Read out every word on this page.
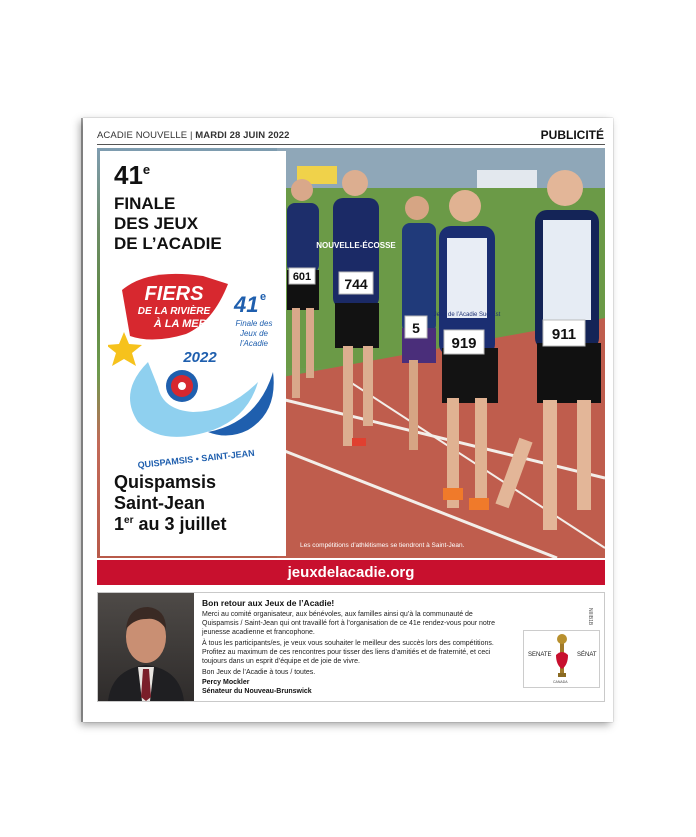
ACADIE NOUVELLE | MARDI 28 JUIN 2022	PUBLICITÉ
601 744
5
919
911
NOUVELLE-ÉCOSSE
Jeux de l’Acadie Sud-Est
Les compétitions d’athlétismes se tiendront à Saint-Jean.
41e
FINALE
DES JEUX
DE L’ACADIE
FIERS
DE LA RIVIÈRE
À LA MER!
41 e
Finale des
Jeux de
l’Acadie
2022
QUISPAMSIS • SAINT-JEAN
Quispamsis
Saint-Jean
1er au 3 juillet
jeuxdelacadie.org
Bon retour aux Jeux de l’Acadie!
Merci au comité organisateur, aux bénévoles, aux familles ainsi qu’à la communauté de
Quispamsis / Saint-Jean qui ont travaillé fort à l’organisation de ce 41e rendez-vous pour notre
jeunesse acadienne et francophone.
À tous les participants/es, je veux vous souhaiter le meilleur des succès lors des compétitions.
Profitez au maximum de ces rencontres pour tisser des liens d’amitiés et de fraternité, et ceci
toujours dans un esprit d’équipe et de joie de vivre.
Bon Jeux de l’Acadie à tous / toutes.
Percy Mockler
Sénateur du Nouveau-Brunswick
NIIIB1B
SENATE	SÉNAT
CANADA
